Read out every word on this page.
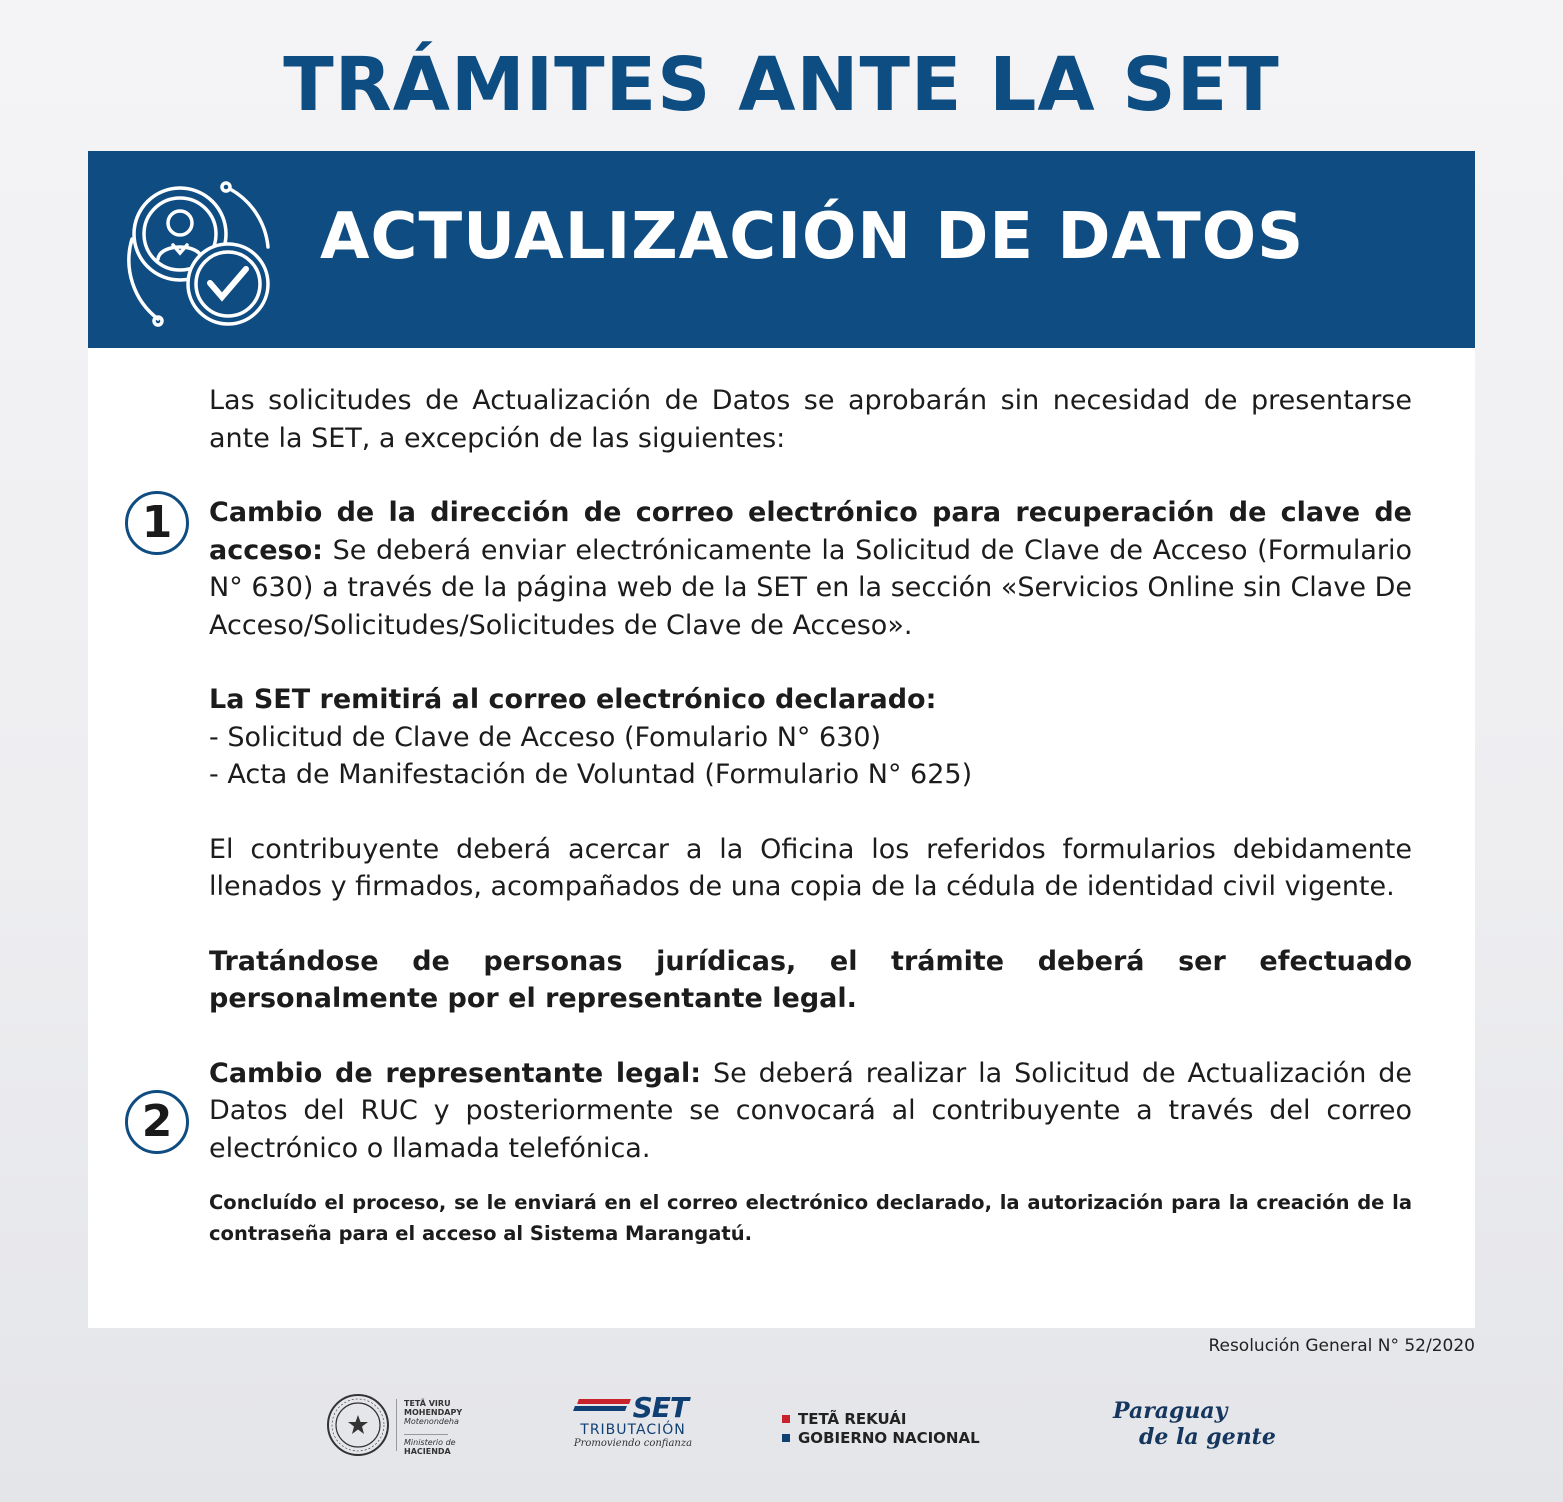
TRÁMITES ANTE LA SET
ACTUALIZACIÓN DE DATOS
1
2

Las solicitudes de Actualización de Datos se aprobarán sin necesidad de presentarse ante la SET, a excepción de las siguientes:

Cambio de la dirección de correo electrónico para recuperación de clave de acceso: Se deberá enviar electrónicamente la Solicitud de Clave de Acceso (Formulario N° 630) a través de la página web de la SET en la sección «Servicios Online sin Clave De Acceso/Solicitudes/Solicitudes de Clave de Acceso».

La SET remitirá al correo electrónico declarado:

- Solicitud de Clave de Acceso (Fomulario N° 630)

- Acta de Manifestación de Voluntad (Formulario N° 625)

El contribuyente deberá acercar a la Oficina los referidos formularios debidamente llenados y firmados, acompañados de una copia de la cédula de identidad civil vigente.

Tratándose de personas jurídicas, el trámite deberá ser efectuado personalmente por el representante legal.

Cambio de representante legal: Se deberá realizar la Solicitud de Actualización de Datos del RUC y posteriormente se convocará al contribuyente a través del correo electrónico o llamada telefónica.

Concluído el proceso, se le enviará en el correo electrónico declarado, la autorización para la creación de la contraseña para el acceso al Sistema Marangatú.

Resolución General N° 52/2020
TETÃ VIRU
MOHENDAPY
Motenondeha
Ministerio de
HACIENDA
SET
TRIBUTACIÓN
Promoviendo confianza
TETÃ REKUÁI
GOBIERNO NACIONAL
Paraguay
de la gente
